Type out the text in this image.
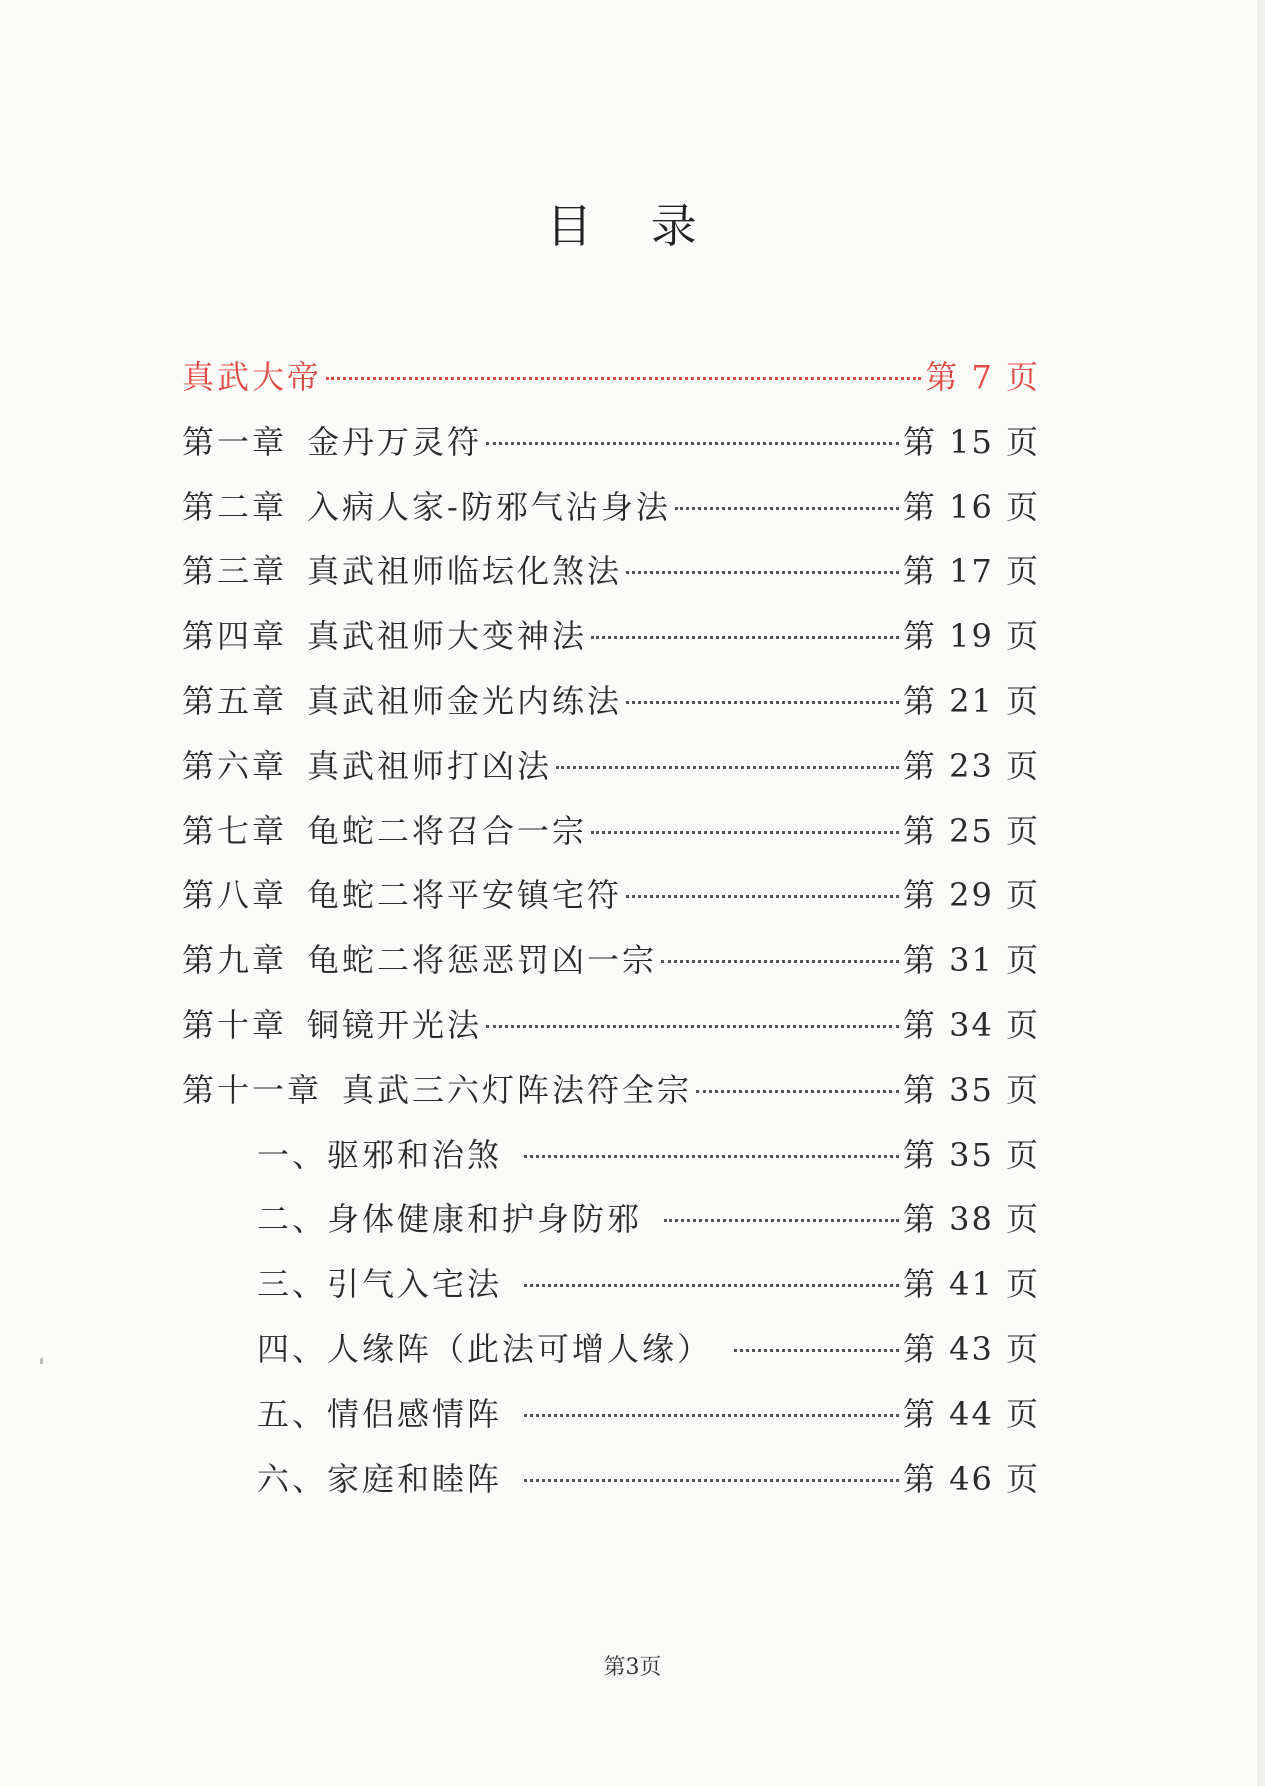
目 录
真武大帝	第 7 页
第一章 金丹万灵符	第 15 页
第二章 入病人家-防邪气沾身法	第 16 页
第三章 真武祖师临坛化煞法	第 17 页
第四章 真武祖师大变神法	第 19 页
第五章 真武祖师金光内练法	第 21 页
第六章 真武祖师打凶法	第 23 页
第七章 龟蛇二将召合一宗	第 25 页
第八章 龟蛇二将平安镇宅符	第 29 页
第九章 龟蛇二将惩恶罚凶一宗	第 31 页
第十章 铜镜开光法	第 34 页
第十一章 真武三六灯阵法符全宗	第 35 页
一、驱邪和治煞	第 35 页
二、身体健康和护身防邪	第 38 页
三、引气入宅法	第 41 页
四、人缘阵（此法可增人缘）	第 43 页
五、情侣感情阵	第 44 页
六、家庭和睦阵	第 46 页
第3页
